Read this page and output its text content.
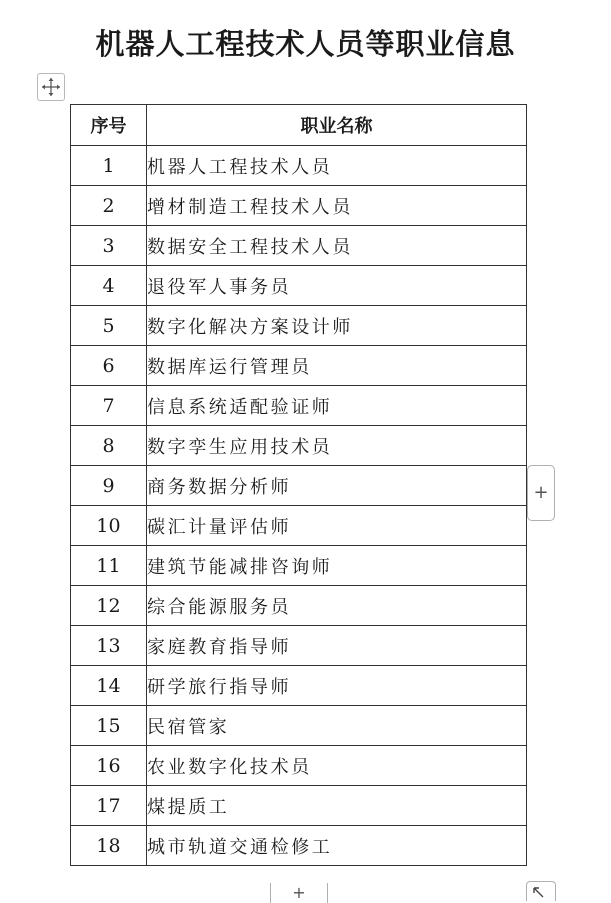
机器人工程技术人员等职业信息
序号	职业名称
1	机器人工程技术人员
2	增材制造工程技术人员
3	数据安全工程技术人员
4	退役军人事务员
5	数字化解决方案设计师
6	数据库运行管理员
7	信息系统适配验证师
8	数字孪生应用技术员
9	商务数据分析师
10	碳汇计量评估师
11	建筑节能减排咨询师
12	综合能源服务员
13	家庭教育指导师
14	研学旅行指导师
15	民宿管家
16	农业数字化技术员
17	煤提质工
18	城市轨道交通检修工
+
+
